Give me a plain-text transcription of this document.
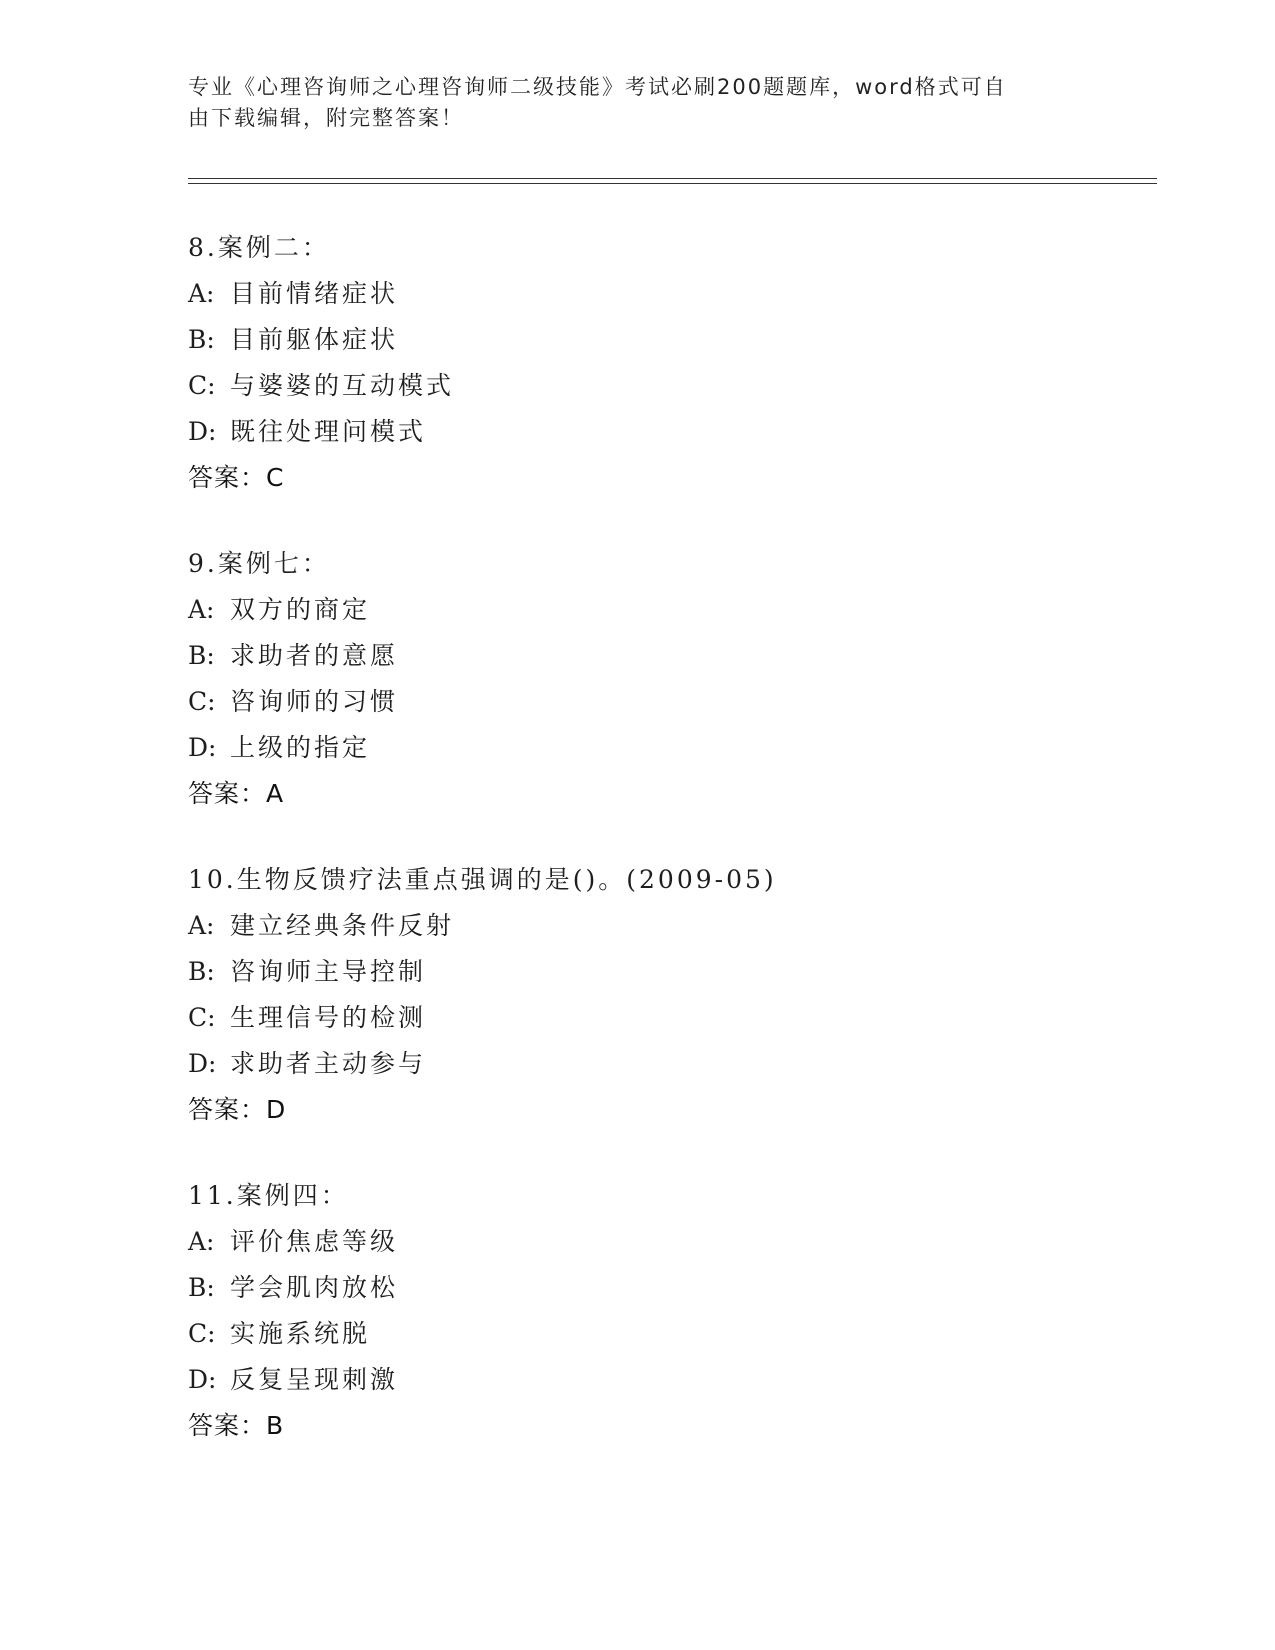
专业《心理咨询师之心理咨询师二级技能》考试必刷200题题库，word格式可自
由下载编辑，附完整答案！
8.案例二：
A: 目前情绪症状
B: 目前躯体症状
C: 与婆婆的互动模式
D: 既往处理问模式
答案：C
9.案例七：
A: 双方的商定
B: 求助者的意愿
C: 咨询师的习惯
D: 上级的指定
答案：A
10.生物反馈疗法重点强调的是()。(2009-05)
A: 建立经典条件反射
B: 咨询师主导控制
C: 生理信号的检测
D: 求助者主动参与
答案：D
11.案例四：
A: 评价焦虑等级
B: 学会肌肉放松
C: 实施系统脱
D: 反复呈现刺激
答案：B
